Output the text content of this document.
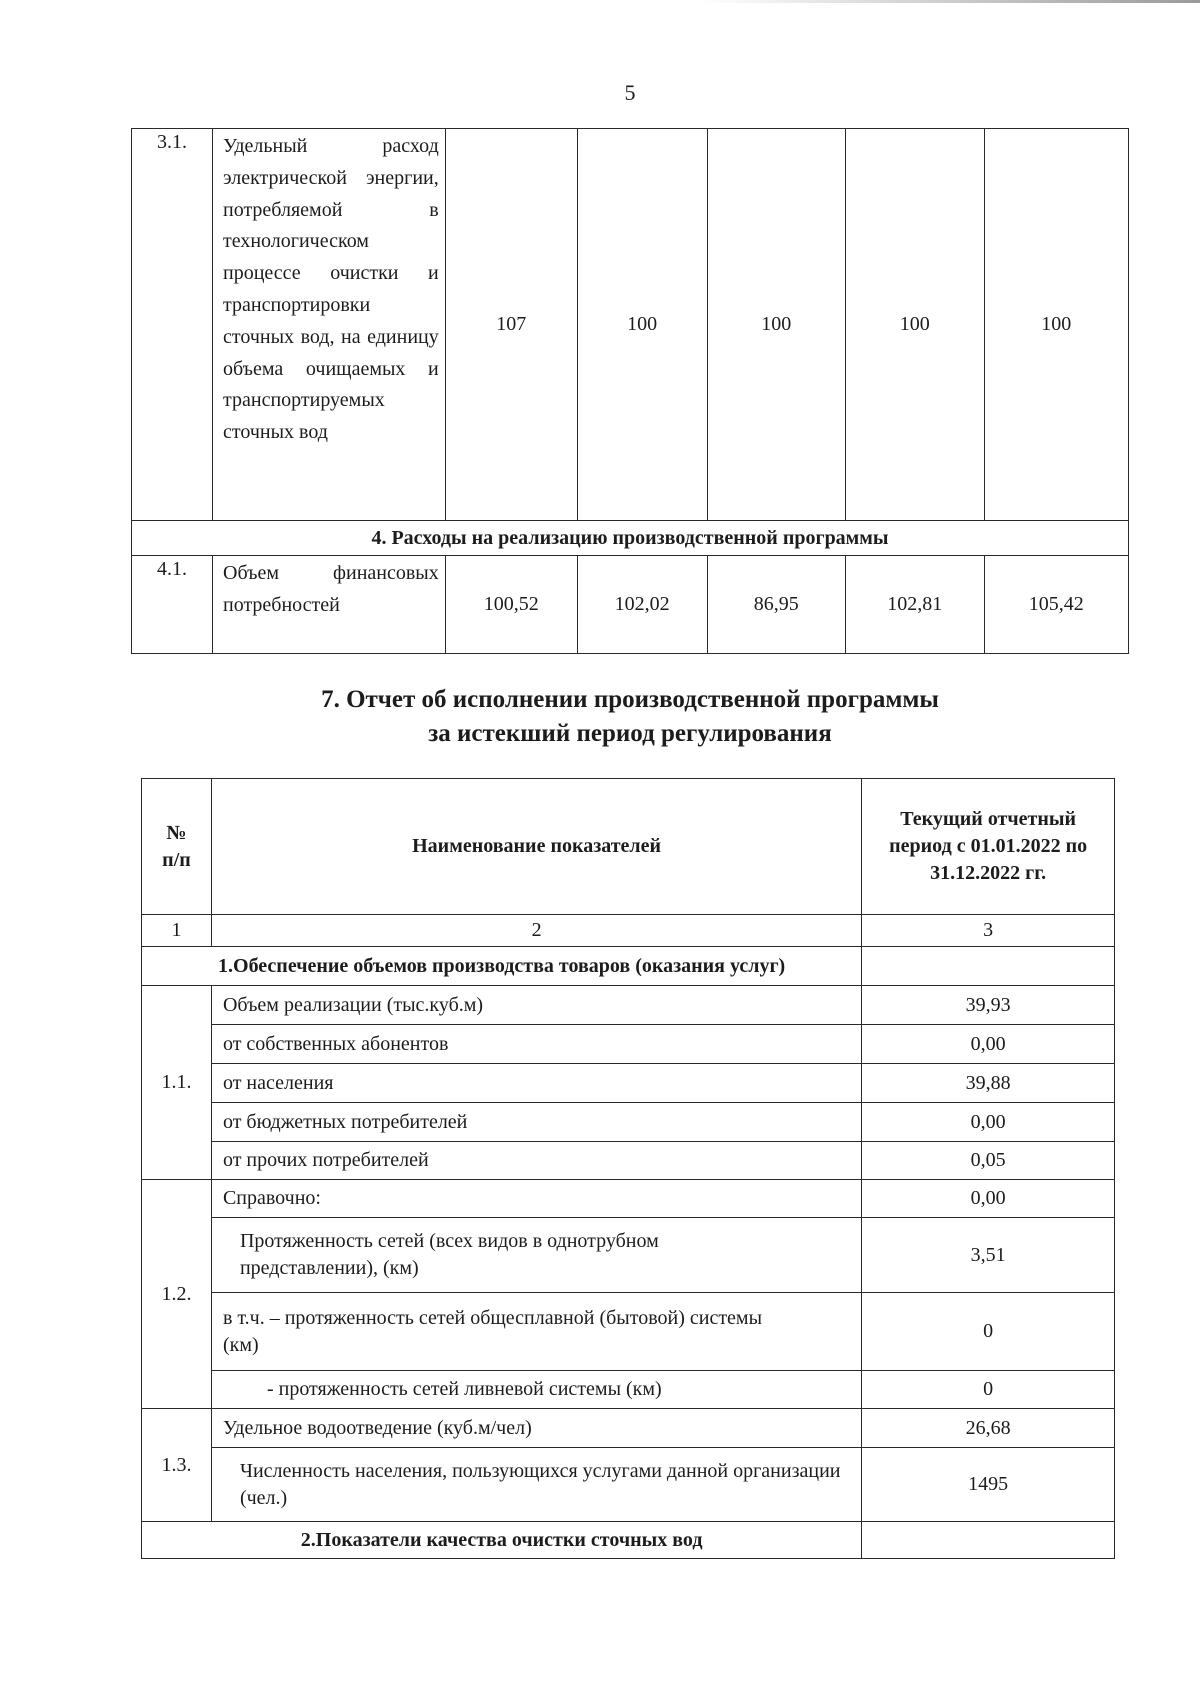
5
3.1.	Удельный расход электрической энергии, потребляемой в технологическом процессе очистки и транспортировки сточных вод, на единицу объема очищаемых и транспортируемых сточных вод	107	100	100	100	100
4. Расходы на реализацию производственной программы						
4.1.	Объем финансовых потребностей	100,52	102,02	86,95	102,81	105,42
7. Отчет об исполнении производственной программы
за истекший период регулирования
№ п/п	Наименование показателей	Текущий отчетный период с 01.01.2022 по 31.12.2022 гг.
1	2	3
1.Обеспечение объемов производства товаров (оказания услуг)		
1.1.	Объем реализации (тыс.куб.м)	39,93
	от собственных абонентов	0,00
	от населения	39,88
	от бюджетных потребителей	0,00
	от прочих потребителей	0,05
1.2.	Справочно:	0,00
	Протяженность сетей (всех видов в однотрубном представлении), (км)	3,51
	в т.ч. – протяженность сетей общесплавной (бытовой) системы (км)	0
	- протяженность сетей ливневой системы (км)	0
1.3.	Удельное водоотведение (куб.м/чел)	26,68
	Численность населения, пользующихся услугами данной организации (чел.)	1495
2.Показатели качества очистки сточных вод		
